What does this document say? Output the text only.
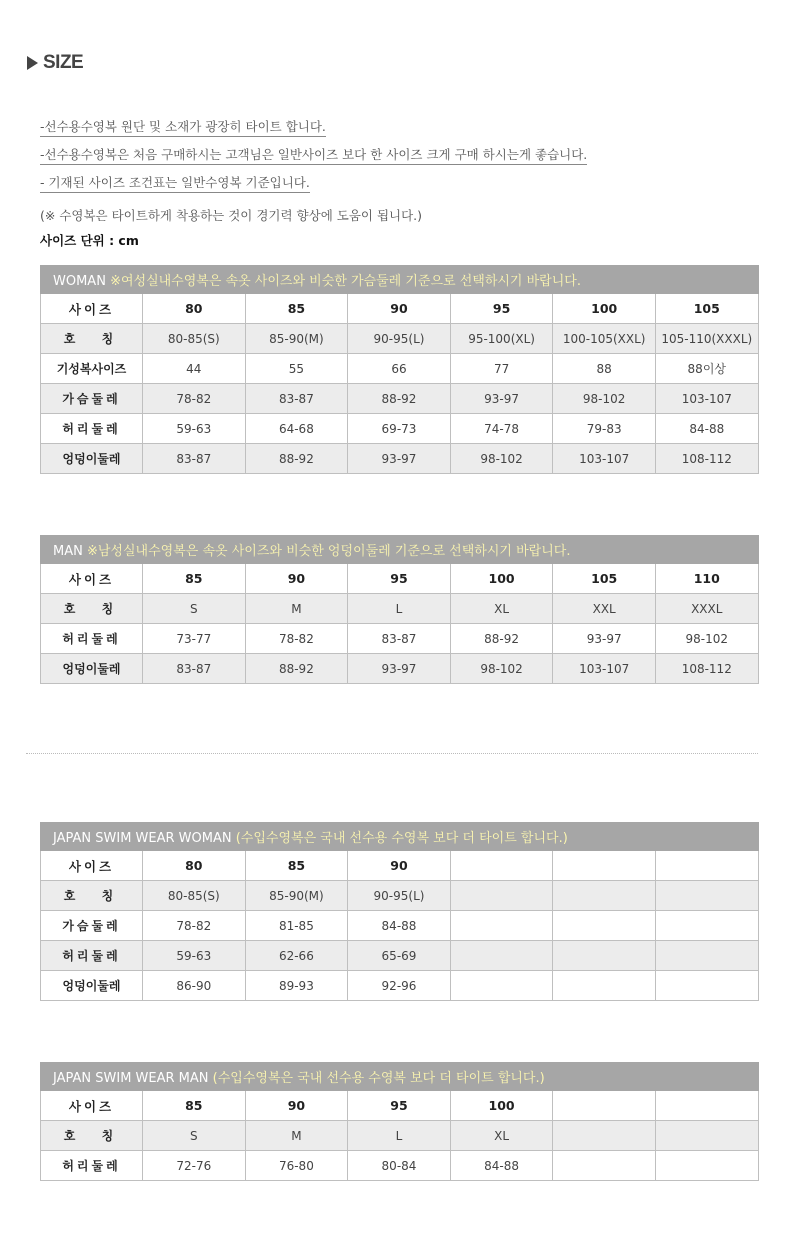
SIZE
-선수용수영복 원단 및 소재가 광장히 타이트 합니다.
-선수용수영복은 처음 구매하시는 고객님은 일반사이즈 보다 한 사이즈 크게 구매 하시는게 좋습니다.
- 기재된 사이즈 조건표는 일반수영복 기준입니다.
(※ 수영복은 타이트하게 착용하는 것이 경기력 향상에 도움이 됩니다.)
사이즈 단위 : cm
WOMAN ※여성실내수영복은 속옷 사이즈와 비슷한 가슴둘레 기준으로 선택하시기 바랍니다.						
사이즈	80	85	90	95	100	105
호  칭	80-85(S)	85-90(M)	90-95(L)	95-100(XL)	100-105(XXL)	105-110(XXXL)
기성복사이즈	44	55	66	77	88	88이상
가슴둘레	78-82	83-87	88-92	93-97	98-102	103-107
허리둘레	59-63	64-68	69-73	74-78	79-83	84-88
엉덩이둘레	83-87	88-92	93-97	98-102	103-107	108-112
MAN ※남성실내수영복은 속옷 사이즈와 비슷한 엉덩이둘레 기준으로 선택하시기 바랍니다.						
사이즈	85	90	95	100	105	110
호  칭	S	M	L	XL	XXL	XXXL
허리둘레	73-77	78-82	83-87	88-92	93-97	98-102
엉덩이둘레	83-87	88-92	93-97	98-102	103-107	108-112
JAPAN SWIM WEAR WOMAN (수입수영복은 국내 선수용 수영복 보다 더 타이트 합니다.)						
사이즈	80	85	90			
호  칭	80-85(S)	85-90(M)	90-95(L)			
가슴둘레	78-82	81-85	84-88			
허리둘레	59-63	62-66	65-69			
엉덩이둘레	86-90	89-93	92-96			
JAPAN SWIM WEAR MAN (수입수영복은 국내 선수용 수영복 보다 더 타이트 합니다.)						
사이즈	85	90	95	100		
호  칭	S	M	L	XL		
허리둘레	72-76	76-80	80-84	84-88		
